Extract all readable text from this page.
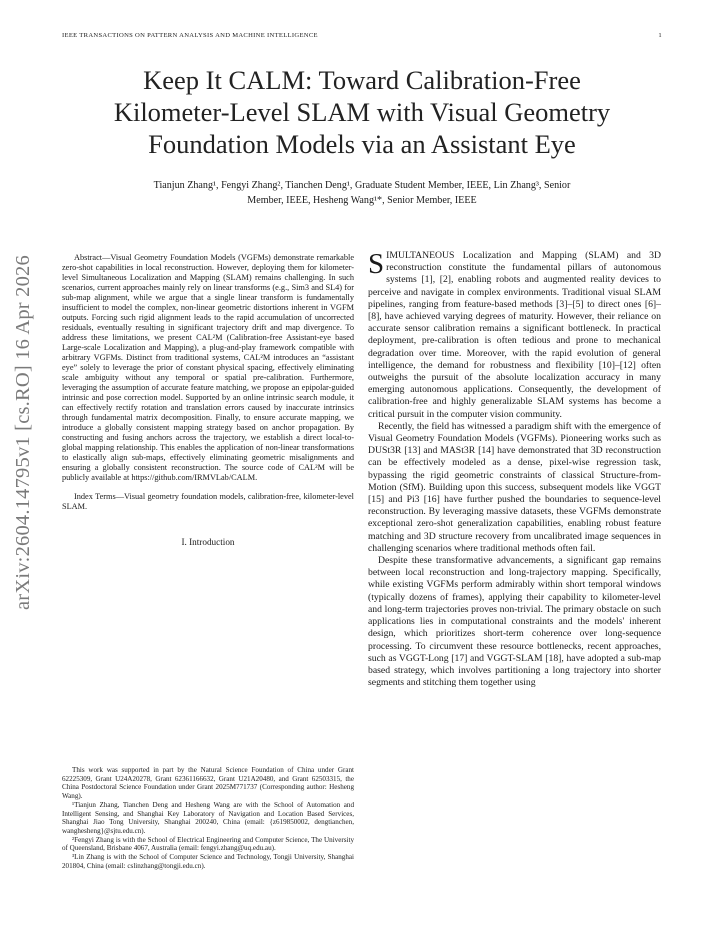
IEEE TRANSACTIONS ON PATTERN ANALYSIS AND MACHINE INTELLIGENCE	1
arXiv:2604.14795v1 [cs.RO] 16 Apr 2026
Keep It CALM: Toward Calibration-Free
Kilometer-Level SLAM with Visual Geometry
Foundation Models via an Assistant Eye
Tianjun Zhang¹, Fengyi Zhang², Tianchen Deng¹, Graduate Student Member, IEEE, Lin Zhang³, Senior
Member, IEEE, Hesheng Wang¹*, Senior Member, IEEE

Abstract—Visual Geometry Foundation Models (VGFMs) demonstrate remarkable zero-shot capabilities in local reconstruction. However, deploying them for kilometer-level Simultaneous Localization and Mapping (SLAM) remains challenging. In such scenarios, current approaches mainly rely on linear transforms (e.g., Sim3 and SL4) for sub-map alignment, while we argue that a single linear transform is fundamentally insufficient to model the complex, non-linear geometric distortions inherent in VGFM outputs. Forcing such rigid alignment leads to the rapid accumulation of uncorrected residuals, eventually resulting in significant trajectory drift and map divergence. To address these limitations, we present CAL²M (Calibration-free Assistant-eye based Large-scale Localization and Mapping), a plug-and-play framework compatible with arbitrary VGFMs. Distinct from traditional systems, CAL²M introduces an “assistant eye” solely to leverage the prior of constant physical spacing, effectively eliminating scale ambiguity without any temporal or spatial pre-calibration. Furthermore, leveraging the assumption of accurate feature matching, we propose an epipolar-guided intrinsic and pose correction model. Supported by an online intrinsic search module, it can effectively rectify rotation and translation errors caused by inaccurate intrinsics through fundamental matrix decomposition. Finally, to ensure accurate mapping, we introduce a globally consistent mapping strategy based on anchor propagation. By constructing and fusing anchors across the trajectory, we establish a direct local-to-global mapping relationship. This enables the application of non-linear transformations to elastically align sub-maps, effectively eliminating geometric misalignments and ensuring a globally consistent reconstruction. The source code of CAL²M will be publicly available at https://github.com/IRMVLab/CALM.

Index Terms—Visual geometry foundation models, calibration-free, kilometer-level SLAM.

I. Introduction

This work was supported in part by the Natural Science Foundation of China under Grant 62225309, Grant U24A20278, Grant 62361166632, Grant U21A20480, and Grant 62503315, the China Postdoctoral Science Foundation under Grant 2025M771737 (Corresponding author: Hesheng Wang).

¹Tianjun Zhang, Tianchen Deng and Hesheng Wang are with the School of Automation and Intelligent Sensing, and Shanghai Key Laboratory of Navigation and Location Based Services, Shanghai Jiao Tong University, Shanghai 200240, China (email: {z619850002, dengtianchen, wanghesheng}@sjtu.edu.cn).

²Fengyi Zhang is with the School of Electrical Engineering and Computer Science, The University of Queensland, Brisbane 4067, Australia (email: fengyi.zhang@uq.edu.au).

³Lin Zhang is with the School of Computer Science and Technology, Tongji University, Shanghai 201804, China (email: cslinzhang@tongji.edu.cn).

SIMULTANEOUS Localization and Mapping (SLAM) and 3D reconstruction constitute the fundamental pillars of autonomous systems [1], [2], enabling robots and augmented reality devices to perceive and navigate in complex environments. Traditional visual SLAM pipelines, ranging from feature-based methods [3]–[5] to direct ones [6]–[8], have achieved varying degrees of maturity. However, their reliance on accurate sensor calibration remains a significant bottleneck. In practical deployment, pre-calibration is often tedious and prone to mechanical degradation over time. Moreover, with the rapid evolution of general intelligence, the demand for robustness and flexibility [10]–[12] often outweighs the pursuit of the absolute localization accuracy in many emerging autonomous applications. Consequently, the development of calibration-free and highly generalizable SLAM systems has become a critical pursuit in the computer vision community.

Recently, the field has witnessed a paradigm shift with the emergence of Visual Geometry Foundation Models (VGFMs). Pioneering works such as DUSt3R [13] and MASt3R [14] have demonstrated that 3D reconstruction can be effectively modeled as a dense, pixel-wise regression task, bypassing the rigid geometric constraints of classical Structure-from-Motion (SfM). Building upon this success, subsequent models like VGGT [15] and Pi3 [16] have further pushed the boundaries to sequence-level reconstruction. By leveraging massive datasets, these VGFMs demonstrate exceptional zero-shot generalization capabilities, enabling robust feature matching and 3D structure recovery from uncalibrated image sequences in challenging scenarios where traditional methods often fail.

Despite these transformative advancements, a significant gap remains between local reconstruction and long-trajectory mapping. Specifically, while existing VGFMs perform admirably within short temporal windows (typically dozens of frames), applying their capability to kilometer-level and long-term trajectories proves non-trivial. The primary obstacle on such applications lies in computational constraints and the models' inherent design, which prioritizes short-term coherence over long-sequence processing. To circumvent these resource bottlenecks, recent approaches, such as VGGT-Long [17] and VGGT-SLAM [18], have adopted a sub-map based strategy, which involves partitioning a long trajectory into shorter segments and stitching them together using
